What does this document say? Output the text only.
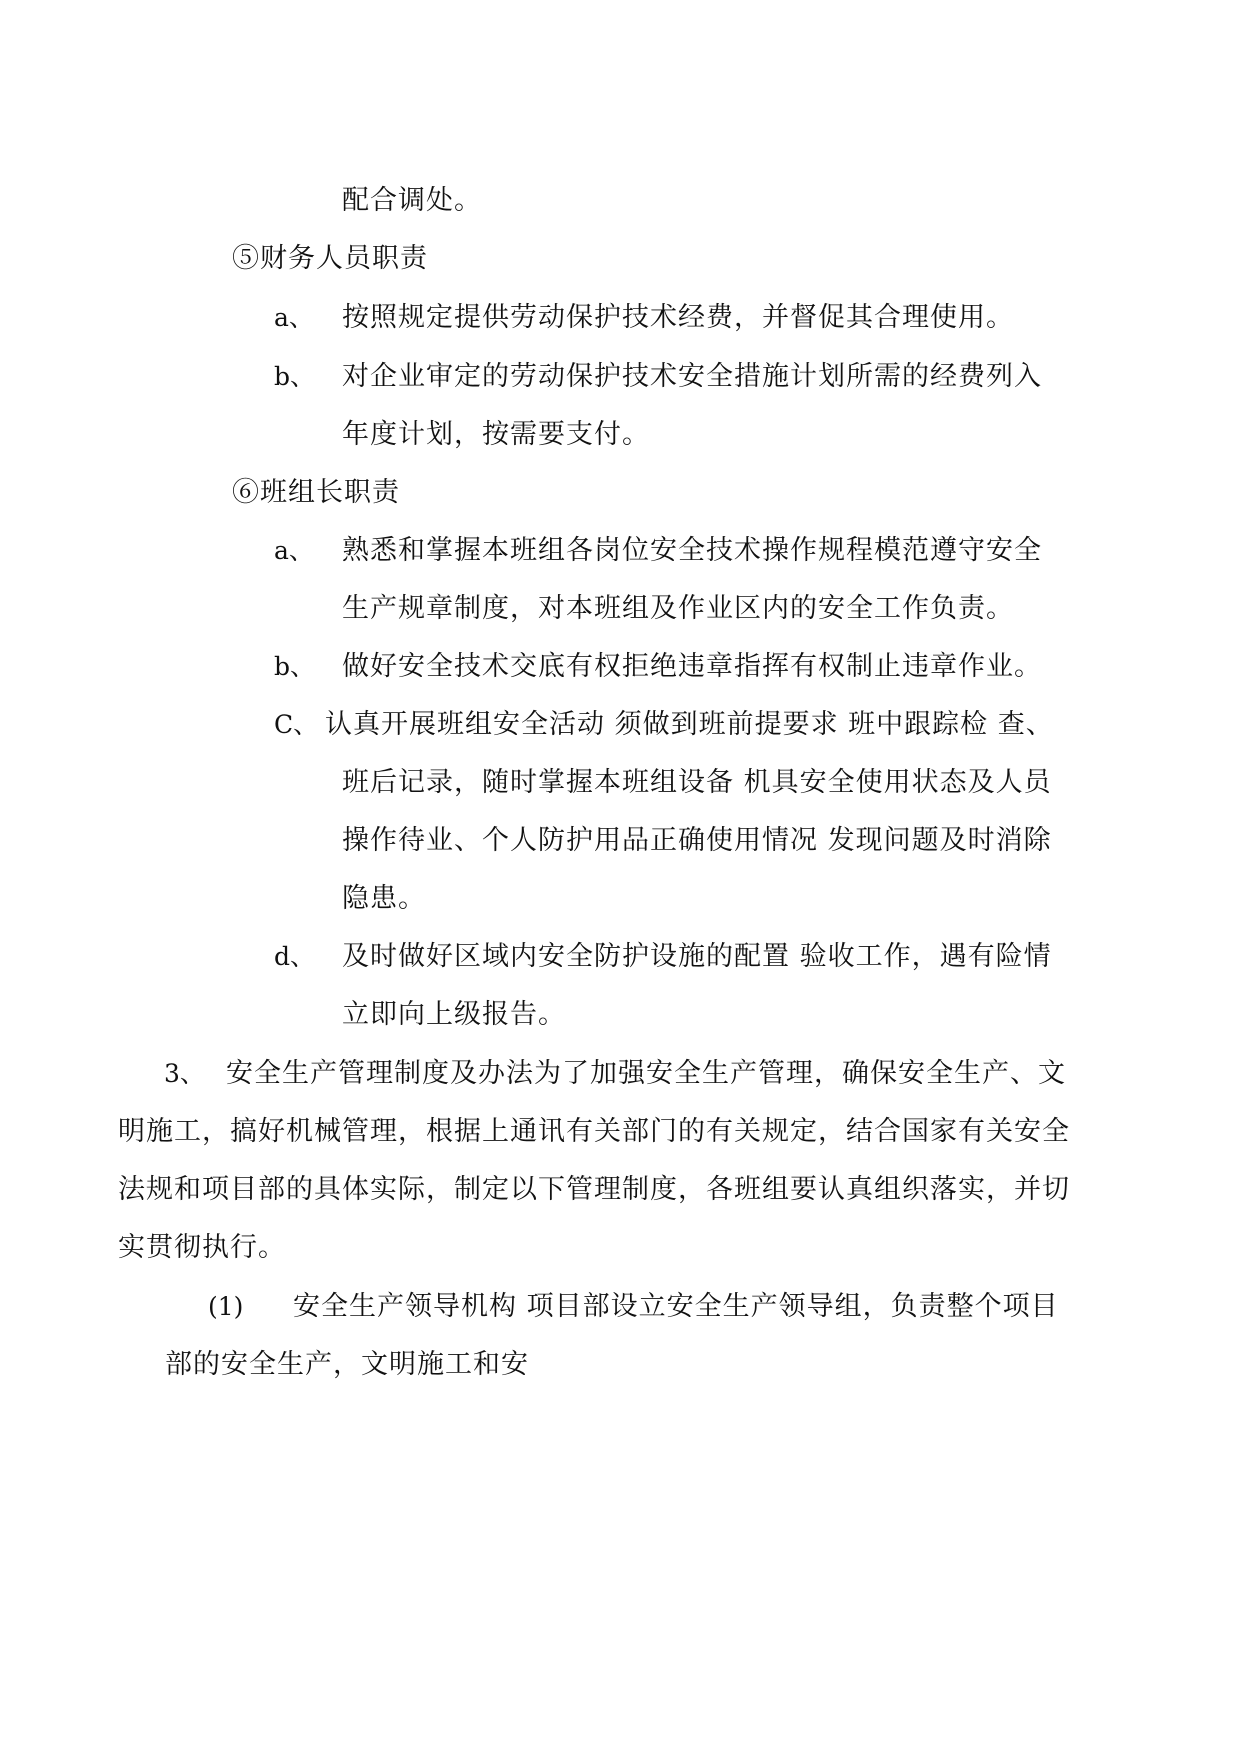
配合调处。
⑤财务人员职责
a、 按照规定提供劳动保护技术经费，并督促其合理使用。
b、 对企业审定的劳动保护技术安全措施计划所需的经费列入
年度计划，按需要支付。
⑥班组长职责
a、 熟悉和掌握本班组各岗位安全技术操作规程模范遵守安全
生产规章制度，对本班组及作业区内的安全工作负责。
b、 做好安全技术交底有权拒绝违章指挥有权制止违章作业。
C、 认真开展班组安全活动 须做到班前提要求 班中跟踪检 查、
班后记录，随时掌握本班组设备 机具安全使用状态及人员
操作待业、个人防护用品正确使用情况 发现问题及时消除
隐患。
d、 及时做好区域内安全防护设施的配置 验收工作，遇有险情
立即向上级报告。
3、 安全生产管理制度及办法为了加强安全生产管理，确保安全生产、文
明施工，搞好机械管理，根据上通讯有关部门的有关规定，结合国家有关安全
法规和项目部的具体实际，制定以下管理制度，各班组要认真组织落实，并切
实贯彻执行。
(1) 安全生产领导机构 项目部设立安全生产领导组，负责整个项目
部的安全生产，文明施工和安
